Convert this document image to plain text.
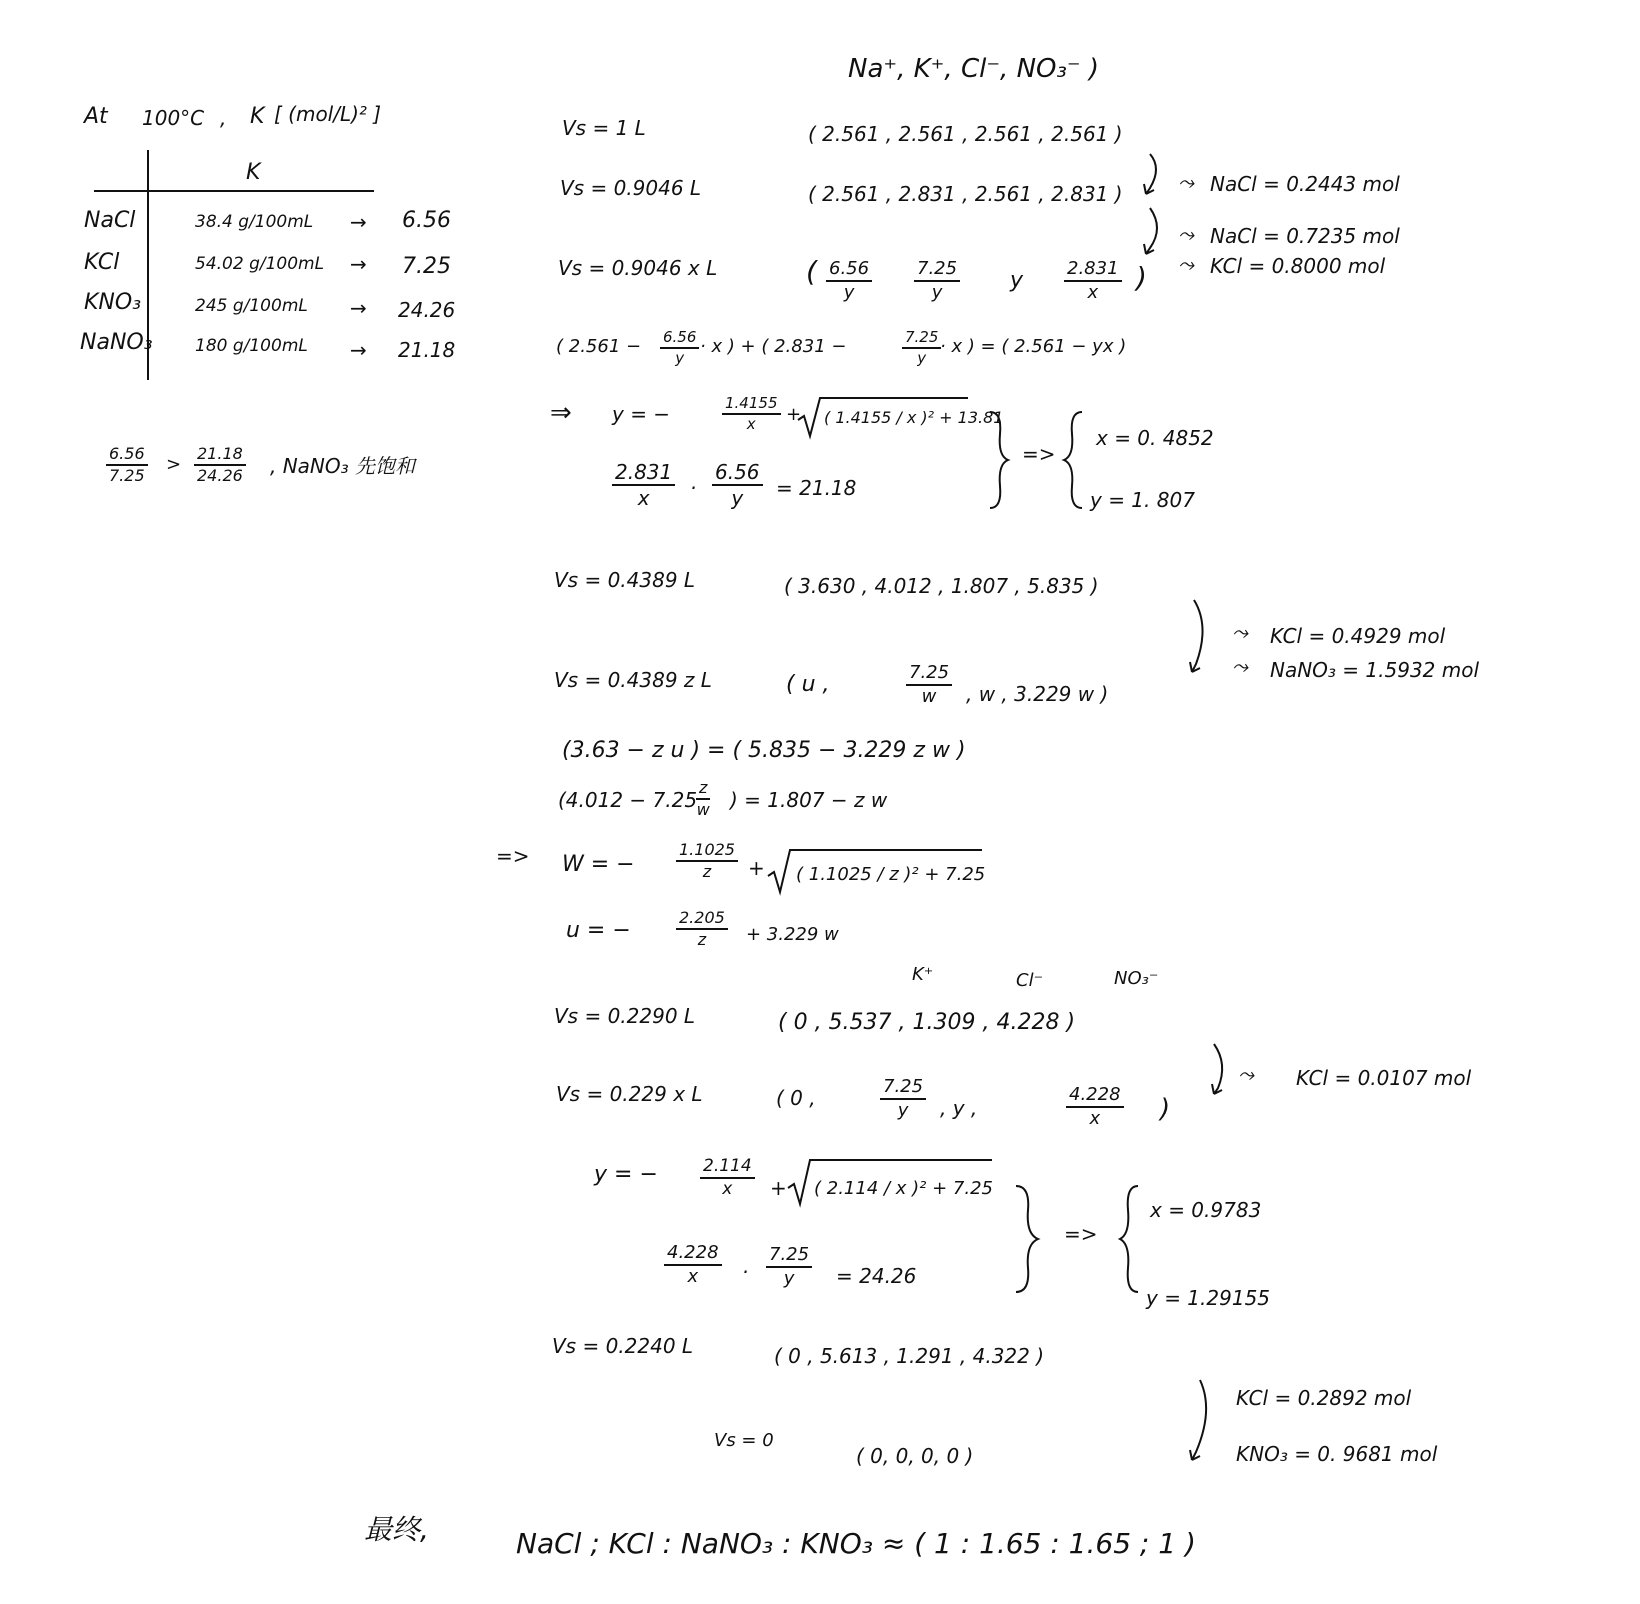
At 100°C , K [ (mol/L)² ]
K
NaCl	38.4 g/100mL → 6.56
KCl	54.02 g/100mL → 7.25
KNO₃	245 g/100mL → 24.26
NaNO₃ 180 g/100mL → 21.18
$\frac{6.56}{7.25} > \frac{21.18}{24.26}$ , NaNO₃ 先饱和
Na⁺, K⁺, Cl⁻, NO₃⁻ )
Vs = 1 L	( 2.561 , 2.561 , 2.561 , 2.561 )
Vs = 0.9046 L	( 2.561 , 2.831 , 2.561 , 2.831 )
Vs = 0.9046 x L	( $\frac{6.56}{y} \frac{7.25}{y}$ y $\frac{2.831}{x}$ )
⤳ NaCl = 0.2443 mol
⤳ NaCl = 0.7235 mol
⤳ KCl = 0.8000 mol
( $2.561 - \frac{6.56}{y} \cdot x$ ) + ( 2.831 −	$\frac{7.25}{y}$
· x ) = ( 2.561 − yx )
⇒ y = −	$\frac{1.4155}{x}$ + ( 1.4155 / x )² + 13.81
$\frac{2.831}{x} \cdot \frac{6.56}{y} = 21.18$
=>
x = 0. 4852
y = 1. 807
Vs = 0.4389 L	( 3.630 , 4.012 , 1.807 , 5.835 )
⤳ KCl = 0.4929 mol
⤳ NaNO₃ = 1.5932 mol
Vs = 0.4389 z L	( u ,	$\frac{7.25}{w}$ , w , 3.229 w )
(3.63 − z u ) = ( 5.835 − 3.229 z w )
(4.012 − 7.25
$\frac{z}{w}$ ) = 1.807 − z w
=> W = −	$\frac{1.1025}{z}$ + ( 1.1025 / z )² + 7.25
u = −	$\frac{2.205}{z} + 3.229$ w
K⁺	Cl⁻	NO₃⁻
Vs = 0.2290 L	( 0 , 5.537 , 1.309 , 4.228 )
⤳ KCl = 0.0107 mol
Vs = 0.229 x L	( 0 ,	$\frac{7.25}{y}$ , y ,	$\frac{4.228}{x}$ )
y = − $\frac{2.114}{x}$ + ( 2.114 / x )² + 7.25
$\frac{4.228}{x} \cdot \frac{7.25}{y} = 24.26$
=>
x = 0.9783
y = 1.29155
Vs = 0.2240 L	( 0 , 5.613 , 1.291 , 4.322 )
KCl = 0.2892 mol
KNO₃ = 0. 9681 mol
Vs = 0
( 0, 0, 0, 0 )
最终,	NaCl ; KCl : NaNO₃ : KNO₃ ≈ ( 1 : 1.65 : 1.65 ; 1 )
